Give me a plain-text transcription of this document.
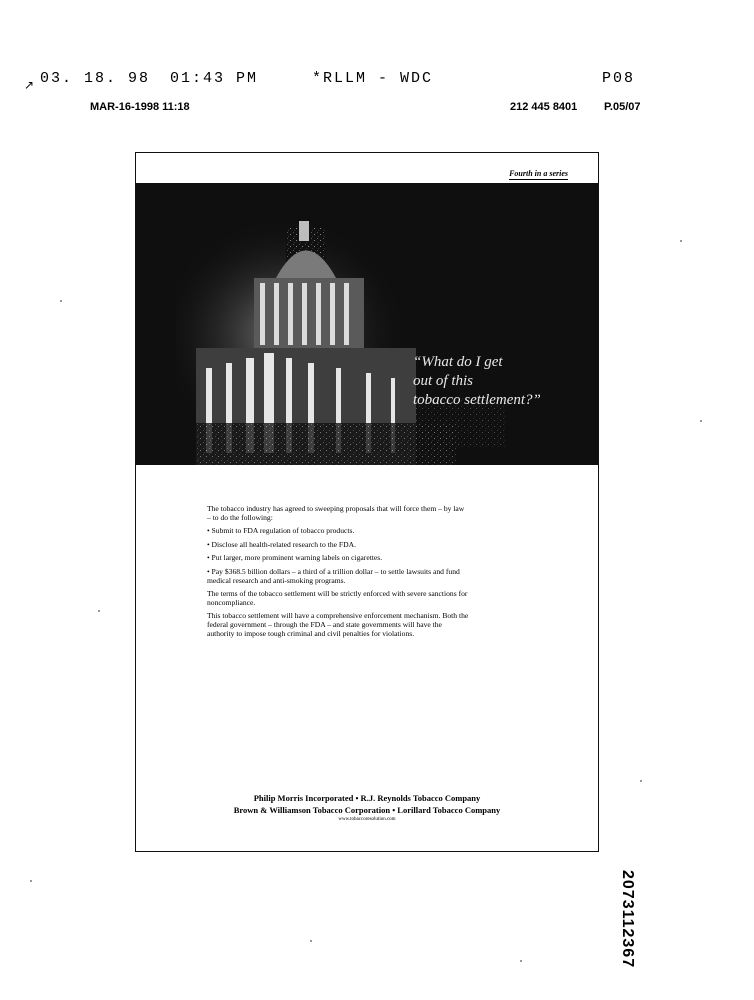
↗ 03. 18. 98 01:43 PM	*RLLM - WDC	P08
MAR-16-1998 11:18	212 445 8401 P.05/07
Fourth in a series
“What do I get
out of this
tobacco settlement?”

The tobacco industry has agreed to sweeping proposals that will force them – by law – to do the following:

• Submit to FDA regulation of tobacco products.

• Disclose all health-related research to the FDA.

• Put larger, more prominent warning labels on cigarettes.

• Pay $368.5 billion dollars – a third of a trillion dollar – to settle lawsuits and fund medical research and anti-smoking programs.

The terms of the tobacco settlement will be strictly enforced with severe sanctions for noncompliance.

This tobacco settlement will have a comprehensive enforcement mechanism. Both the federal government – through the FDA – and state governments will have the authority to impose tough criminal and civil penalties for violations.

Philip Morris Incorporated • R.J. Reynolds Tobacco Company
Brown & Williamson Tobacco Corporation • Lorillard Tobacco Company
www.tobaccoresolution.com
2073112367
